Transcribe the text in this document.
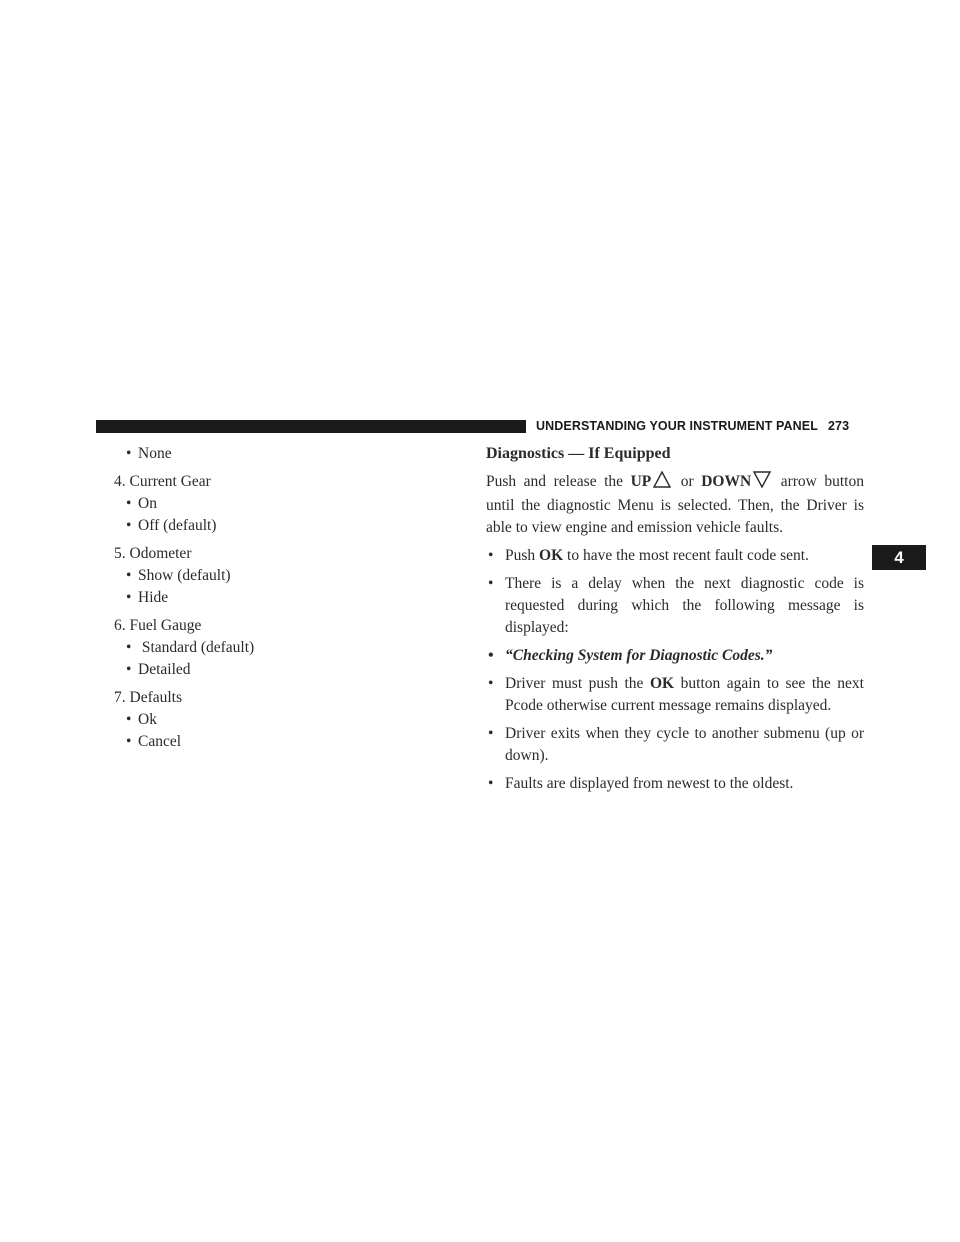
UNDERSTANDING YOUR INSTRUMENT PANEL 273
4
• None
4. Current Gear
• On
• Off (default)
5. Odometer
• Show (default)
• Hide
6. Fuel Gauge
• Standard (default)
• Detailed
7. Defaults
• Ok
• Cancel
Diagnostics — If Equipped
Push and release the UP or DOWN arrow button until the diagnostic Menu is selected. Then, the Driver is able to view engine and emission vehicle faults.
• Push OK to have the most recent fault code sent.
• There is a delay when the next diagnostic code is requested during which the following message is displayed:
• “Checking System for Diagnostic Codes.”
• Driver must push the OK button again to see the next Pcode otherwise current message remains displayed.
• Driver exits when they cycle to another submenu (up or down).
• Faults are displayed from newest to the oldest.
